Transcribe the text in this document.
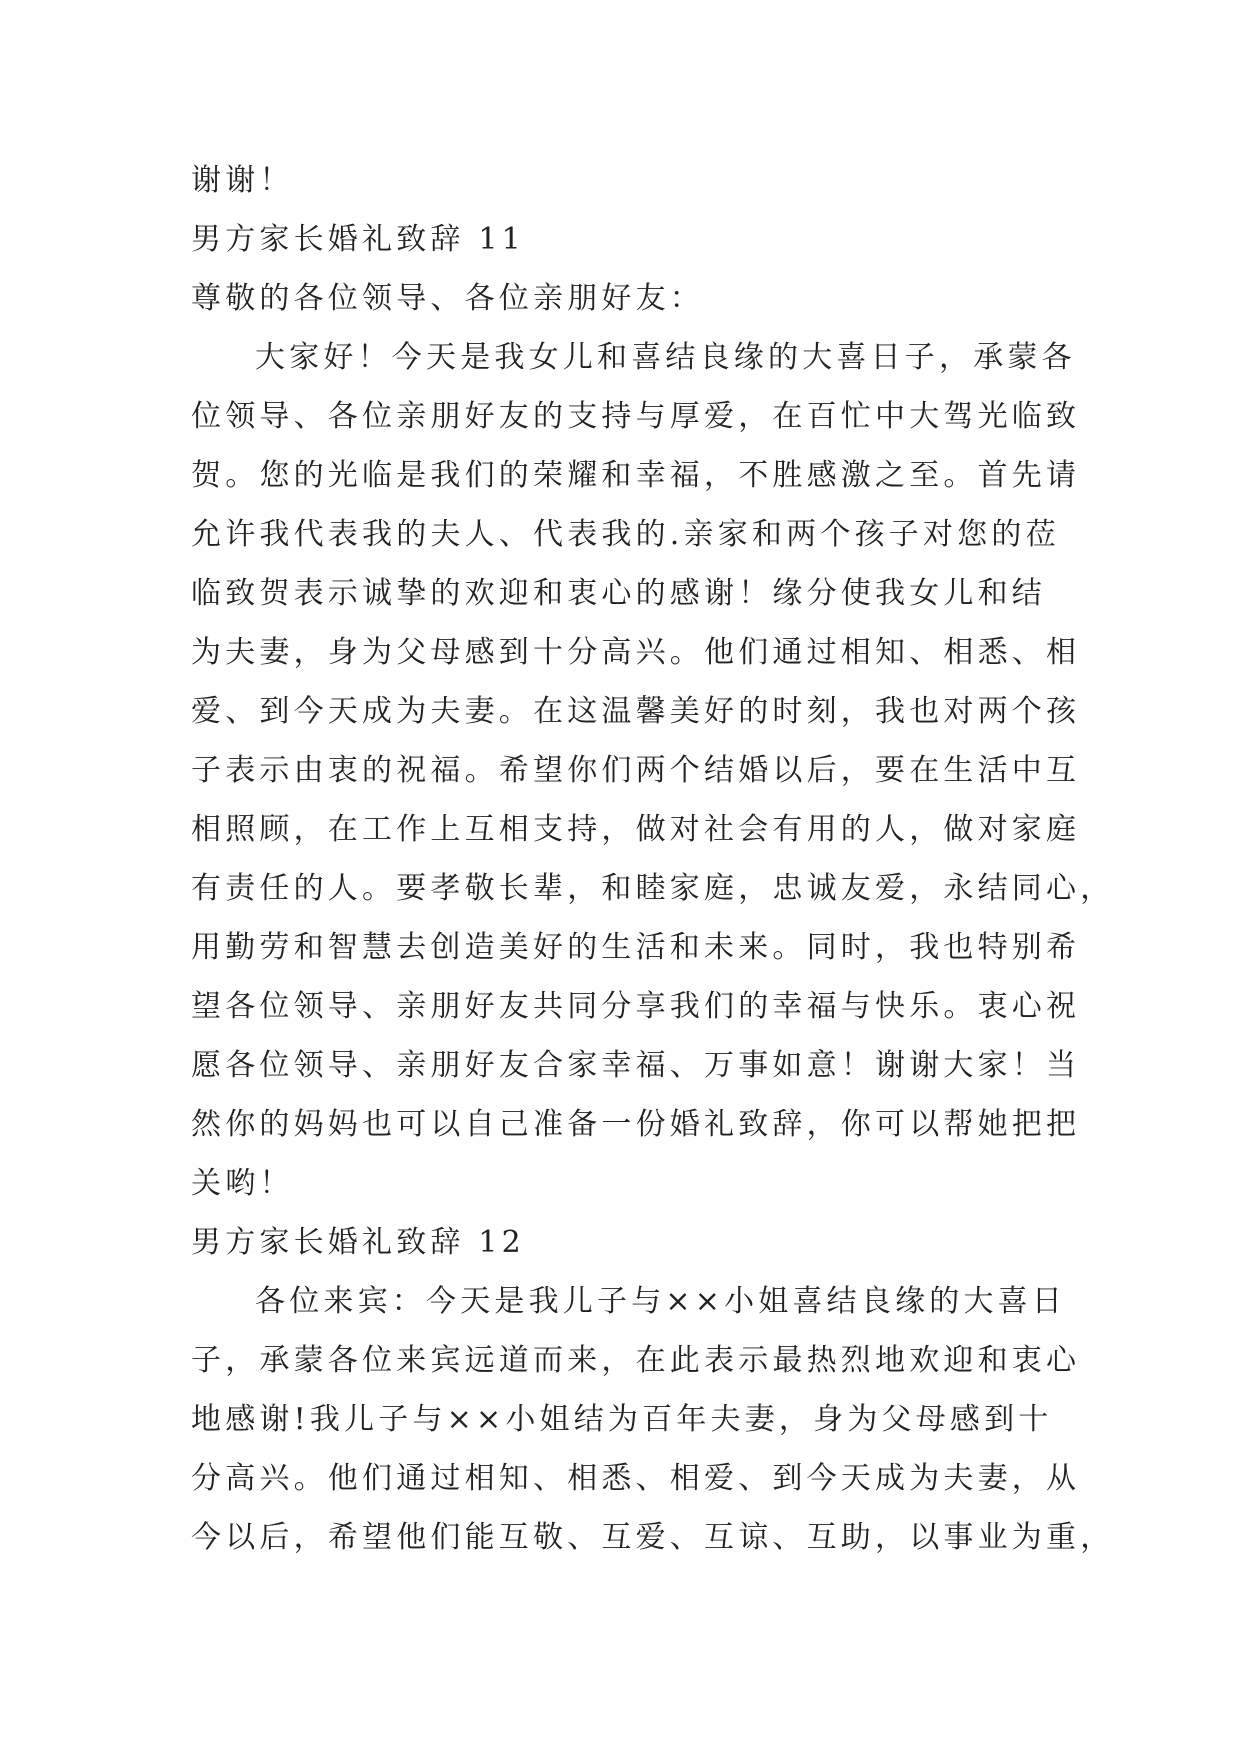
谢谢！

男方家长婚礼致辞 11

尊敬的各位领导、各位亲朋好友：

大家好！今天是我女儿和喜结良缘的大喜日子，承蒙各
位领导、各位亲朋好友的支持与厚爱，在百忙中大驾光临致
贺。您的光临是我们的荣耀和幸福，不胜感激之至。首先请
允许我代表我的夫人、代表我的.亲家和两个孩子对您的莅
临致贺表示诚挚的欢迎和衷心的感谢！缘分使我女儿和结
为夫妻，身为父母感到十分高兴。他们通过相知、相悉、相
爱、到今天成为夫妻。在这温馨美好的时刻，我也对两个孩
子表示由衷的祝福。希望你们两个结婚以后，要在生活中互
相照顾，在工作上互相支持，做对社会有用的人，做对家庭
有责任的人。要孝敬长辈，和睦家庭，忠诚友爱，永结同心，
用勤劳和智慧去创造美好的生活和未来。同时，我也特别希
望各位领导、亲朋好友共同分享我们的幸福与快乐。衷心祝
愿各位领导、亲朋好友合家幸福、万事如意！谢谢大家！当
然你的妈妈也可以自己准备一份婚礼致辞，你可以帮她把把
关哟！

男方家长婚礼致辞 12

各位来宾：今天是我儿子与××小姐喜结良缘的大喜日
子，承蒙各位来宾远道而来，在此表示最热烈地欢迎和衷心
地感谢!我儿子与××小姐结为百年夫妻，身为父母感到十
分高兴。他们通过相知、相悉、相爱、到今天成为夫妻，从
今以后，希望他们能互敬、互爱、互谅、互助，以事业为重，
